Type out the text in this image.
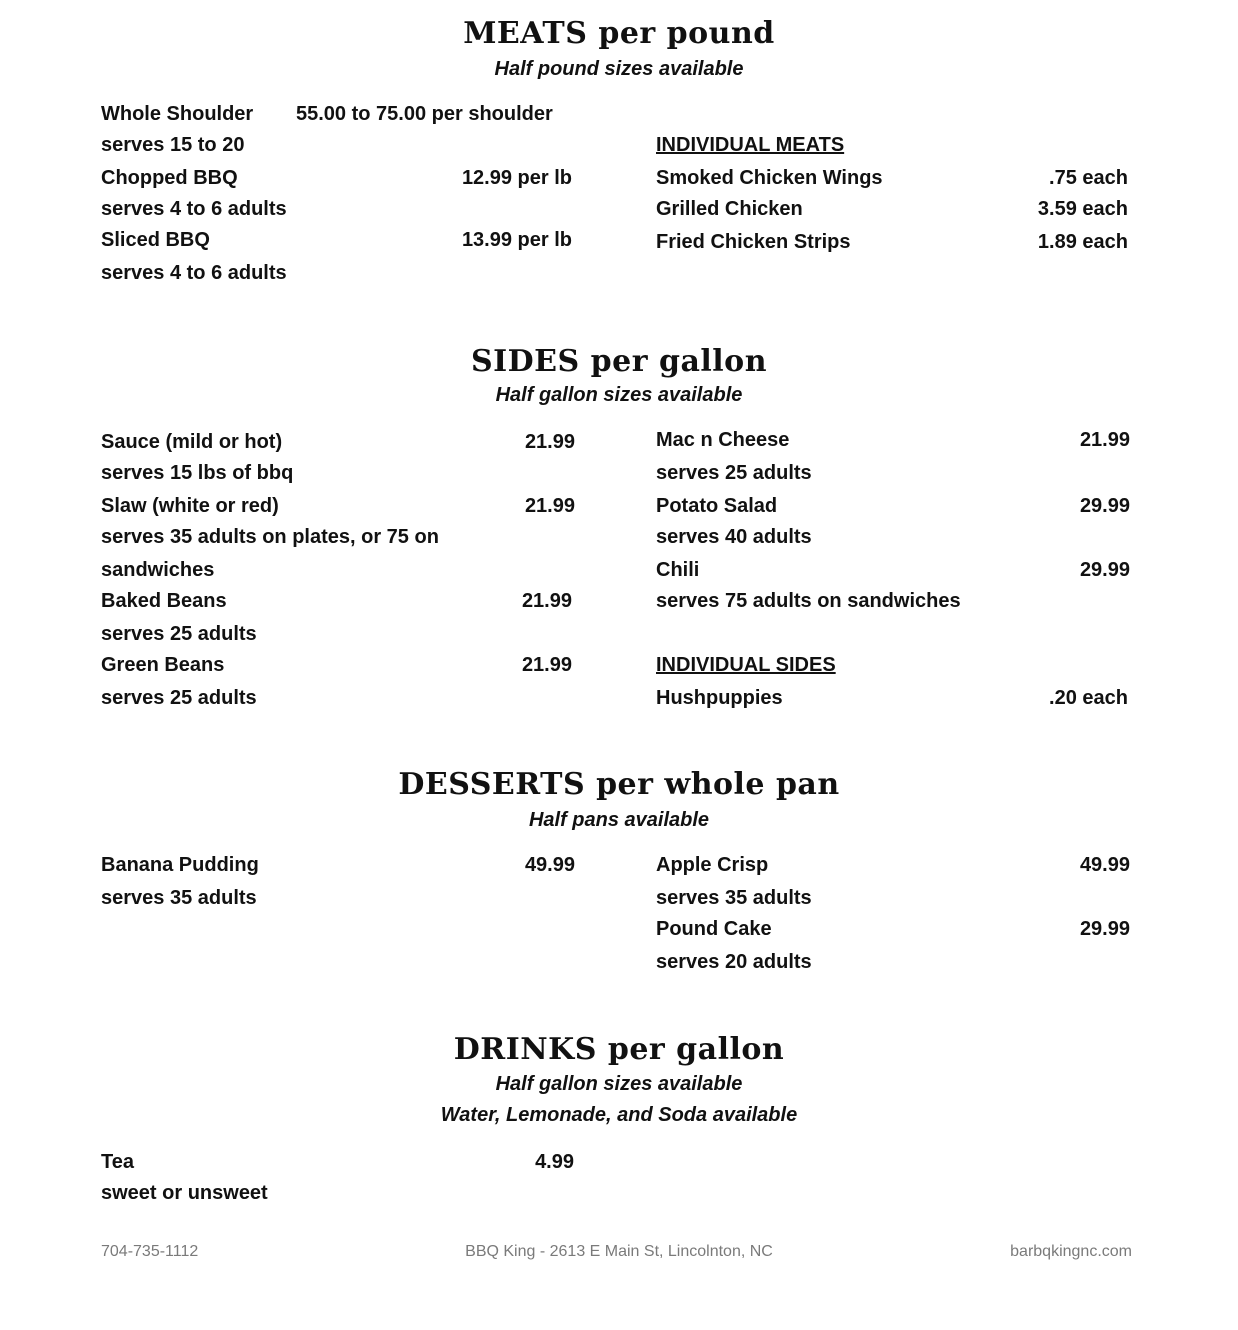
MEATS per pound
Half pound sizes available
Whole Shoulder 55.00 to 75.00 per shoulder
serves 15 to 20
Chopped BBQ	12.99 per lb
serves 4 to 6 adults
Sliced BBQ	13.99 per lb
serves 4 to 6 adults
INDIVIDUAL MEATS
Smoked Chicken Wings	.75 each
Grilled Chicken	3.59 each
Fried Chicken Strips	1.89 each
SIDES per gallon
Half gallon sizes available
Sauce (mild or hot)	21.99
serves 15 lbs of bbq
Slaw (white or red)	21.99
serves 35 adults on plates, or 75 on
sandwiches
Baked Beans	21.99
serves 25 adults
Green Beans	21.99
serves 25 adults
Mac n Cheese	21.99
serves 25 adults
Potato Salad	29.99
serves 40 adults
Chili	29.99
serves 75 adults on sandwiches
INDIVIDUAL SIDES
Hushpuppies	.20 each
DESSERTS per whole pan
Half pans available
Banana Pudding	49.99
serves 35 adults
Apple Crisp	49.99
serves 35 adults
Pound Cake	29.99
serves 20 adults
DRINKS per gallon
Half gallon sizes available
Water, Lemonade, and Soda available
Tea	4.99
sweet or unsweet
704-735-1112	BBQ King - 2613 E Main St, Lincolnton, NC	barbqkingnc.com
